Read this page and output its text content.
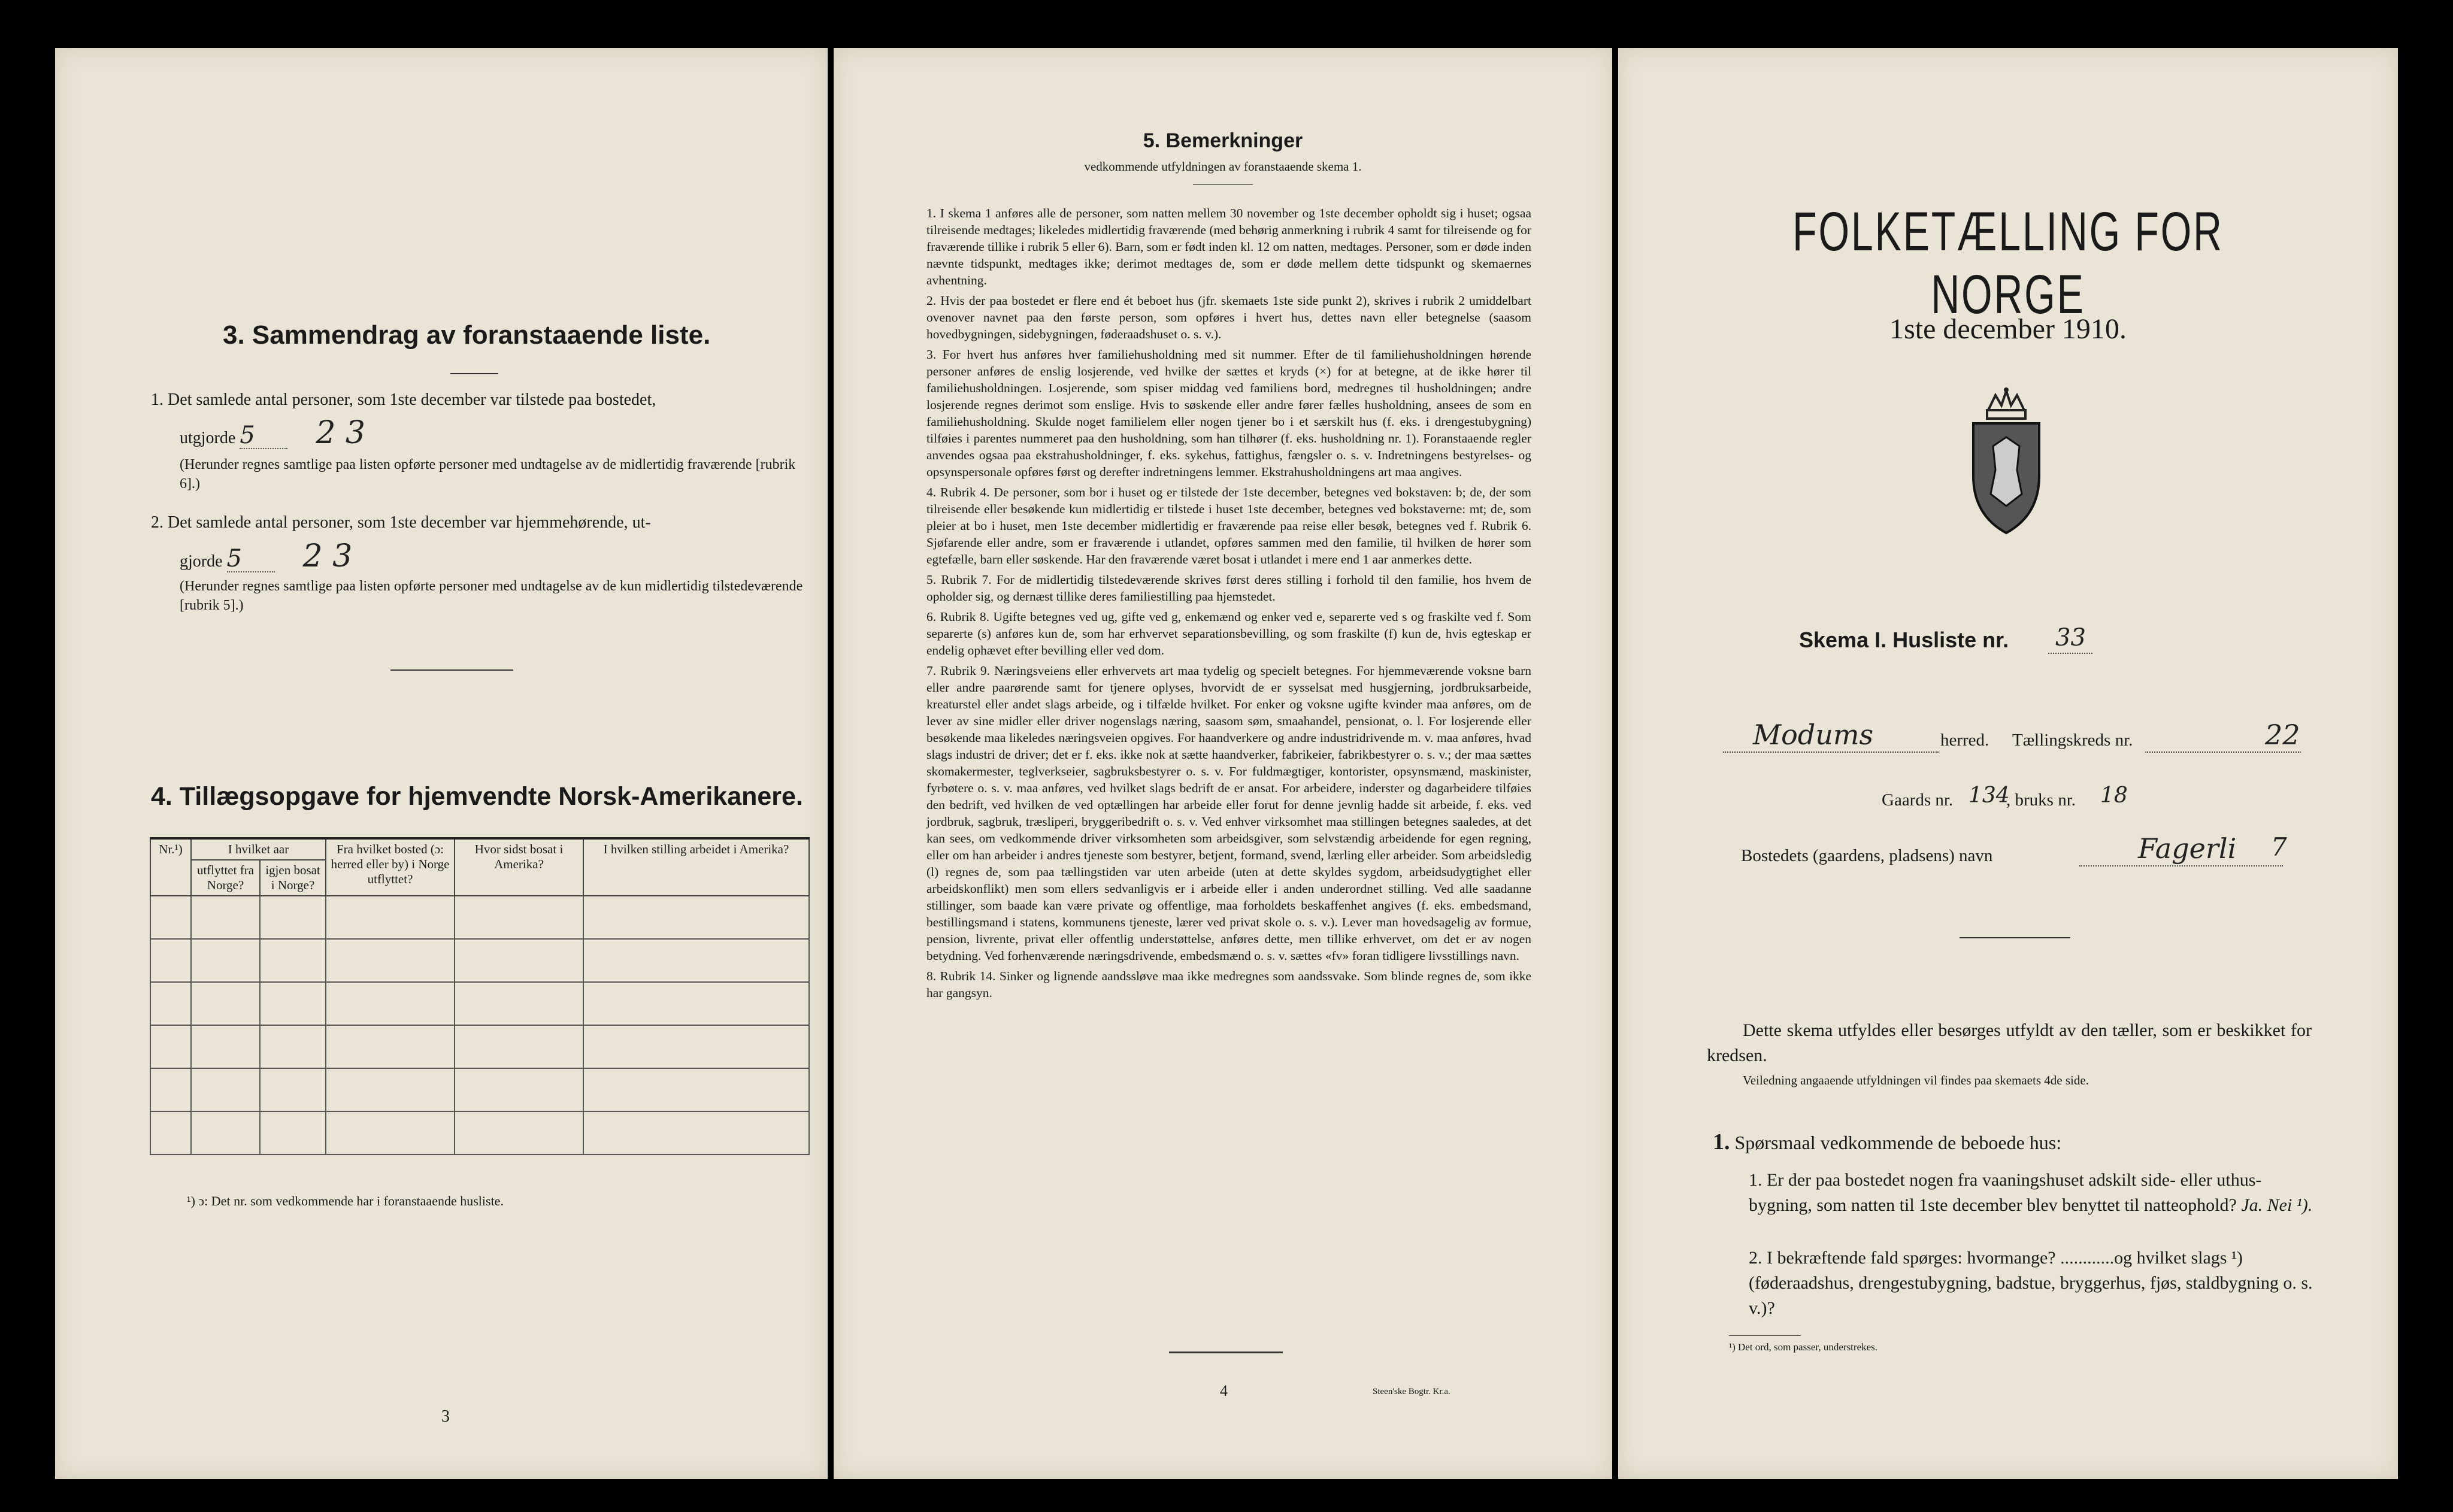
3. Sammendrag av foranstaaende liste.
1. Det samlede antal personer, som 1ste december var tilstede paa bostedet,
utgjorde 5 2 3
(Herunder regnes samtlige paa listen opførte personer med undtagelse av de midlertidig fraværende [rubrik 6].)
2. Det samlede antal personer, som 1ste december var hjemmehørende, ut-
gjorde 5 2 3
(Herunder regnes samtlige paa listen opførte personer med undtagelse av de kun midlertidig tilstedeværende [rubrik 5].)
4. Tillægsopgave for hjemvendte Norsk-Amerikanere.
Nr.¹)	I hvilket aar		Fra hvilket bosted (ɔ: herred eller by) i Norge utflyttet?	Hvor sidst bosat i Amerika?	I hvilken stilling arbeidet i Amerika?
	utflyttet fra Norge?	igjen bosat i Norge?			

¹) ɔ: Det nr. som vedkommende har i foranstaaende husliste.
3
5. Bemerkninger
vedkommende utfyldningen av foranstaaende skema 1.

1. I skema 1 anføres alle de personer, som natten mellem 30 november og 1ste december opholdt sig i huset; ogsaa tilreisende medtages; likeledes midlertidig fraværende (med behørig anmerkning i rubrik 4 samt for tilreisende og for fraværende tillike i rubrik 5 eller 6). Barn, som er født inden kl. 12 om natten, medtages. Personer, som er døde inden nævnte tidspunkt, medtages ikke; derimot medtages de, som er døde mellem dette tidspunkt og skemaernes avhentning.

2. Hvis der paa bostedet er flere end ét beboet hus (jfr. skemaets 1ste side punkt 2), skrives i rubrik 2 umiddelbart ovenover navnet paa den første person, som opføres i hvert hus, dettes navn eller betegnelse (saasom hovedbygningen, sidebygningen, føderaadshuset o. s. v.).

3. For hvert hus anføres hver familiehusholdning med sit nummer. Efter de til familiehusholdningen hørende personer anføres de enslig losjerende, ved hvilke der sættes et kryds (×) for at betegne, at de ikke hører til familiehusholdningen. Losjerende, som spiser middag ved familiens bord, medregnes til husholdningen; andre losjerende regnes derimot som enslige. Hvis to søskende eller andre fører fælles husholdning, ansees de som en familiehusholdning. Skulde noget familielem eller nogen tjener bo i et særskilt hus (f. eks. i drengestubygning) tilføies i parentes nummeret paa den husholdning, som han tilhører (f. eks. husholdning nr. 1). Foranstaaende regler anvendes ogsaa paa ekstrahusholdninger, f. eks. sykehus, fattighus, fængsler o. s. v. Indretningens bestyrelses- og opsynspersonale opføres først og derefter indretningens lemmer. Ekstrahusholdningens art maa angives.

4. Rubrik 4. De personer, som bor i huset og er tilstede der 1ste december, betegnes ved bokstaven: b; de, der som tilreisende eller besøkende kun midlertidig er tilstede i huset 1ste december, betegnes ved bokstaverne: mt; de, som pleier at bo i huset, men 1ste december midlertidig er fraværende paa reise eller besøk, betegnes ved f. Rubrik 6. Sjøfarende eller andre, som er fraværende i utlandet, opføres sammen med den familie, til hvilken de hører som egtefælle, barn eller søskende. Har den fraværende været bosat i utlandet i mere end 1 aar anmerkes dette.

5. Rubrik 7. For de midlertidig tilstedeværende skrives først deres stilling i forhold til den familie, hos hvem de opholder sig, og dernæst tillike deres familiestilling paa hjemstedet.

6. Rubrik 8. Ugifte betegnes ved ug, gifte ved g, enkemænd og enker ved e, separerte ved s og fraskilte ved f. Som separerte (s) anføres kun de, som har erhvervet separationsbevilling, og som fraskilte (f) kun de, hvis egteskap er endelig ophævet efter bevilling eller ved dom.

7. Rubrik 9. Næringsveiens eller erhvervets art maa tydelig og specielt betegnes. For hjemmeværende voksne barn eller andre paarørende samt for tjenere oplyses, hvorvidt de er sysselsat med husgjerning, jordbruksarbeide, kreaturstel eller andet slags arbeide, og i tilfælde hvilket. For enker og voksne ugifte kvinder maa anføres, om de lever av sine midler eller driver nogenslags næring, saasom søm, smaahandel, pensionat, o. l. For losjerende eller besøkende maa likeledes næringsveien opgives. For haandverkere og andre industridrivende m. v. maa anføres, hvad slags industri de driver; det er f. eks. ikke nok at sætte haandverker, fabrikeier, fabrikbestyrer o. s. v.; der maa sættes skomakermester, teglverkseier, sagbruksbestyrer o. s. v. For fuldmægtiger, kontorister, opsynsmænd, maskinister, fyrbøtere o. s. v. maa anføres, ved hvilket slags bedrift de er ansat. For arbeidere, inderster og dagarbeidere tilføies den bedrift, ved hvilken de ved optællingen har arbeide eller forut for denne jevnlig hadde sit arbeide, f. eks. ved jordbruk, sagbruk, træsliperi, bryggeribedrift o. s. v. Ved enhver virksomhet maa stillingen betegnes saaledes, at det kan sees, om vedkommende driver virksomheten som arbeidsgiver, som selvstændig arbeidende for egen regning, eller om han arbeider i andres tjeneste som bestyrer, betjent, formand, svend, lærling eller arbeider. Som arbeidsledig (l) regnes de, som paa tællingstiden var uten arbeide (uten at dette skyldes sygdom, arbeidsudygtighet eller arbeidskonflikt) men som ellers sedvanligvis er i arbeide eller i anden underordnet stilling. Ved alle saadanne stillinger, som baade kan være private og offentlige, maa forholdets beskaffenhet angives (f. eks. embedsmand, bestillingsmand i statens, kommunens tjeneste, lærer ved privat skole o. s. v.). Lever man hovedsagelig av formue, pension, livrente, privat eller offentlig understøttelse, anføres dette, men tillike erhvervet, om det er av nogen betydning. Ved forhenværende næringsdrivende, embedsmænd o. s. v. sættes «fv» foran tidligere livsstillings navn.

8. Rubrik 14. Sinker og lignende aandssløve maa ikke medregnes som aandssvake. Som blinde regnes de, som ikke har gangsyn.

4	Steen'ske Bogtr. Kr.a.
FOLKETÆLLING FOR NORGE
1ste december 1910.
Skema I. Husliste nr. 33
Modums	herred. Tællingskreds nr.	22
Gaards nr. 134
, bruks nr. 18
Bostedets (gaardens, pladsens) navn	Fagerli 7
Dette skema utfyldes eller besørges utfyldt av den tæller, som er beskikket for kredsen.
Veiledning angaaende utfyldningen vil findes paa skemaets 4de side.
1. Spørsmaal vedkommende de beboede hus:
1. Er der paa bostedet nogen fra vaaningshuset adskilt side- eller uthus-bygning, som natten til 1ste december blev benyttet til natteophold? Ja. Nei ¹).
2. I bekræftende fald spørges: hvormange? ............og hvilket slags ¹) (føderaadshus, drengestubygning, badstue, bryggerhus, fjøs, staldbygning o. s. v.)?
¹) Det ord, som passer, understrekes.
